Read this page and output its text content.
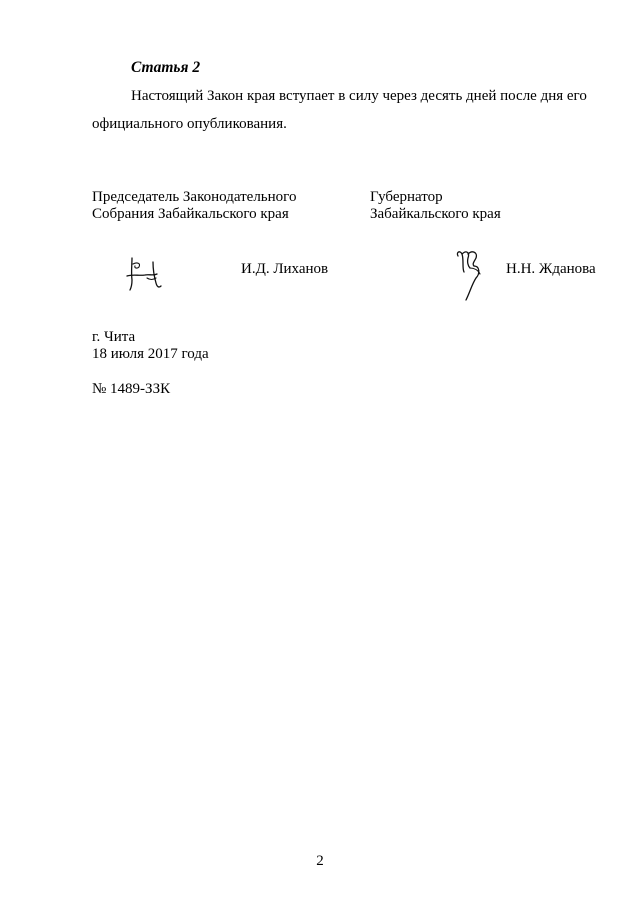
Статья 2
Настоящий Закон края вступает в силу через десять дней после дня его
официального опубликования.
Председатель Законодательного
Собрания Забайкальского края
Губернатор
Забайкальского края
И.Д. Лиханов	Н.Н. Жданова
г. Чита
18 июля 2017 года
№ 1489-ЗЗК
2
